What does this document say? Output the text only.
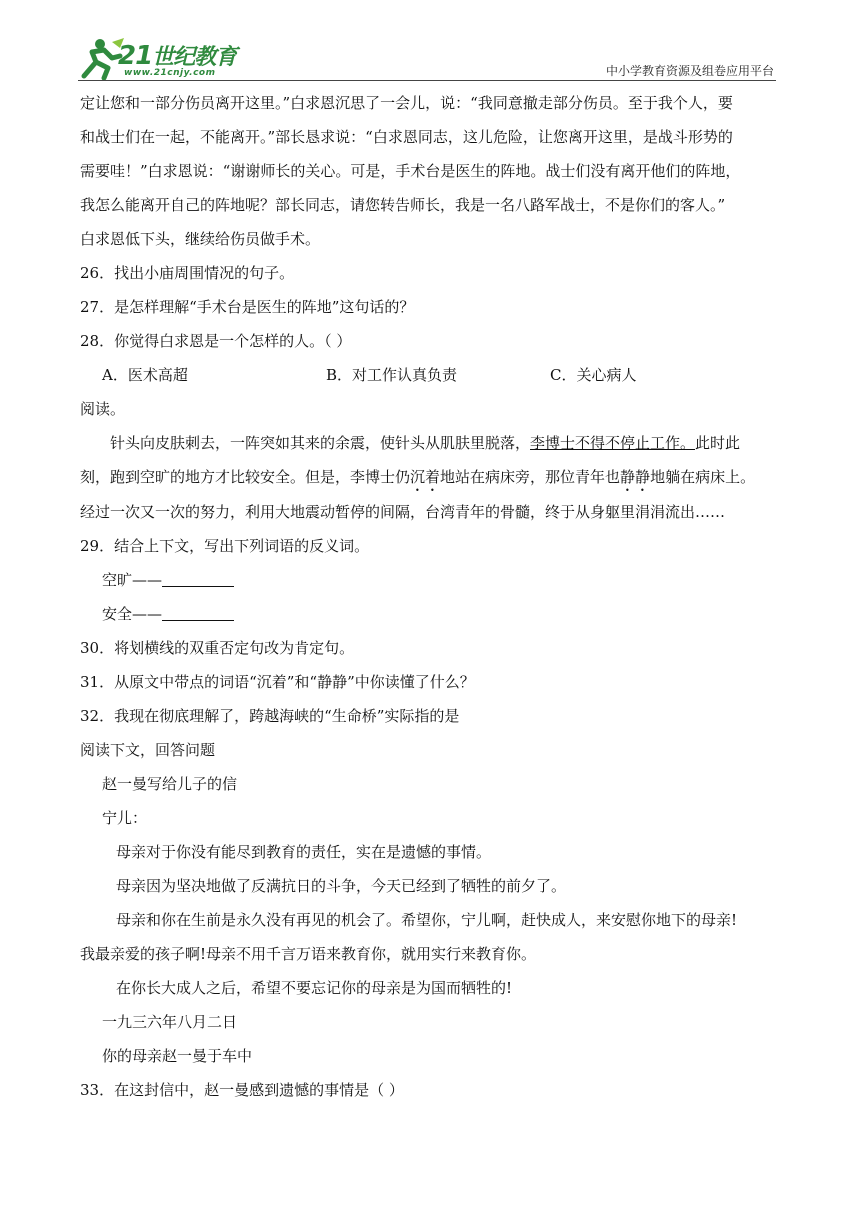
21世纪教育
www.21cnjy.com	中小学教育资源及组卷应用平台

定让您和一部分伤员离开这里。”白求恩沉思了一会儿，说：“我同意撤走部分伤员。至于我个人，要

和战士们在一起，不能离开。”部长恳求说：“白求恩同志，这儿危险，让您离开这里，是战斗形势的

需要哇！”白求恩说：“谢谢师长的关心。可是，手术台是医生的阵地。战士们没有离开他们的阵地，

我怎么能离开自己的阵地呢？部长同志，请您转告师长，我是一名八路军战士，不是你们的客人。”

白求恩低下头，继续给伤员做手术。

26．找出小庙周围情况的句子。

27．是怎样理解“手术台是医生的阵地”这句话的？

28．你觉得白求恩是一个怎样的人。（ ）

A．医术高超	B．对工作认真负责	C．关心病人

阅读。

针头向皮肤刺去，一阵突如其来的余震，使针头从肌肤里脱落，李博士不得不停止工作。此时此

刻，跑到空旷的地方才比较安全。但是，李博士仍沉着地站在病床旁，那位青年也静静地躺在病床上。

经过一次又一次的努力，利用大地震动暂停的间隔，台湾青年的骨髓，终于从身躯里涓涓流出……

29．结合上下文，写出下列词语的反义词。

空旷——

安全——

30．将划横线的双重否定句改为肯定句。

31．从原文中带点的词语“沉着”和“静静”中你读懂了什么？

32．我现在彻底理解了，跨越海峡的“生命桥”实际指的是

阅读下文，回答问题

赵一曼写给儿子的信

宁儿：

母亲对于你没有能尽到教育的责任，实在是遗憾的事情。

母亲因为坚决地做了反满抗日的斗争，今天已经到了牺牲的前夕了。

母亲和你在生前是永久没有再见的机会了。希望你，宁儿啊，赶快成人，来安慰你地下的母亲!

我最亲爱的孩子啊!母亲不用千言万语来教育你，就用实行来教育你。

在你长大成人之后，希望不要忘记你的母亲是为国而牺牲的!

一九三六年八月二日

你的母亲赵一曼于车中

33．在这封信中，赵一曼感到遗憾的事情是（ ）
